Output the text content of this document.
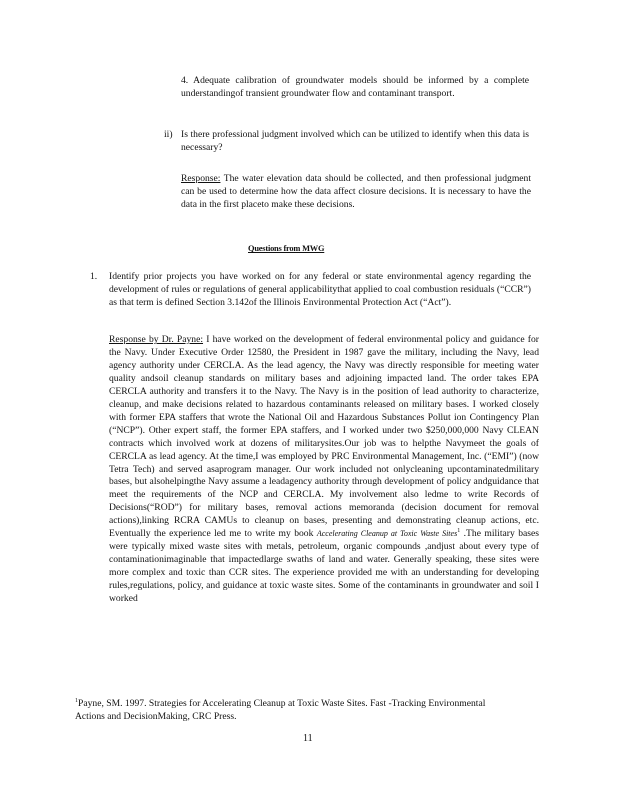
4. Adequate calibration of groundwater models should be informed by a complete understandingof transient groundwater flow and contaminant transport.

ii) Is there professional judgment involved which can be utilized to identify when this data is necessary?

Response: The water elevation data should be collected, and then professional judgment can be used to determine how the data affect closure decisions. It is necessary to have the data in the first placeto make these decisions.

Questions from MWG
1. Identify prior projects you have worked on for any federal or state environmental agency regarding the development of rules or regulations of general applicabilitythat applied to coal combustion residuals (“CCR”) as that term is defined Section 3.142of the Illinois Environmental Protection Act (“Act”).

Response by Dr. Payne: I have worked on the development of federal environmental policy and guidance for the Navy. Under Executive Order 12580, the President in 1987 gave the military, including the Navy, lead agency authority under CERCLA. As the lead agency, the Navy was directly responsible for meeting water quality andsoil cleanup standards on military bases and adjoining impacted land. The order takes EPA CERCLA authority and transfers it to the Navy. The Navy is in the position of lead authority to characterize, cleanup, and make decisions related to hazardous contaminants released on military bases. I worked closely with former EPA staffers that wrote the National Oil and Hazardous Substances Pollut ion Contingency Plan (“NCP”). Other expert staff, the former EPA staffers, and I worked under two $250,000,000 Navy CLEAN contracts which involved work at dozens of militarysites.Our job was to helpthe Navymeet the goals of CERCLA as lead agency. At the time,I was employed by PRC Environmental Management, Inc. (“EMI”) (now Tetra Tech) and served asaprogram manager. Our work included not onlycleaning upcontaminatedmilitary bases, but alsohelpingthe Navy assume a leadagency authority through development of policy andguidance that meet the requirements of the NCP and CERCLA. My involvement also ledme to write Records of Decisions(“ROD”) for military bases, removal actions memoranda (decision document for removal actions),linking RCRA CAMUs to cleanup on bases, presenting and demonstrating cleanup actions, etc. Eventually the experience led me to write my book Accelerating Cleanup at Toxic Waste Sites$^1$ .The military bases were typically mixed waste sites with metals, petroleum, organic compounds ,andjust about every type of contaminationimaginable that impactedlarge swaths of land and water. Generally speaking, these sites were more complex and toxic than CCR sites. The experience provided me with an understanding for developing rules,regulations, policy, and guidance at toxic waste sites. Some of the contaminants in groundwater and soil I worked

$^1$Payne, SM. 1997. Strategies for Accelerating Cleanup at Toxic Waste Sites. Fast -Tracking Environmental Actions and DecisionMaking, CRC Press.

11
